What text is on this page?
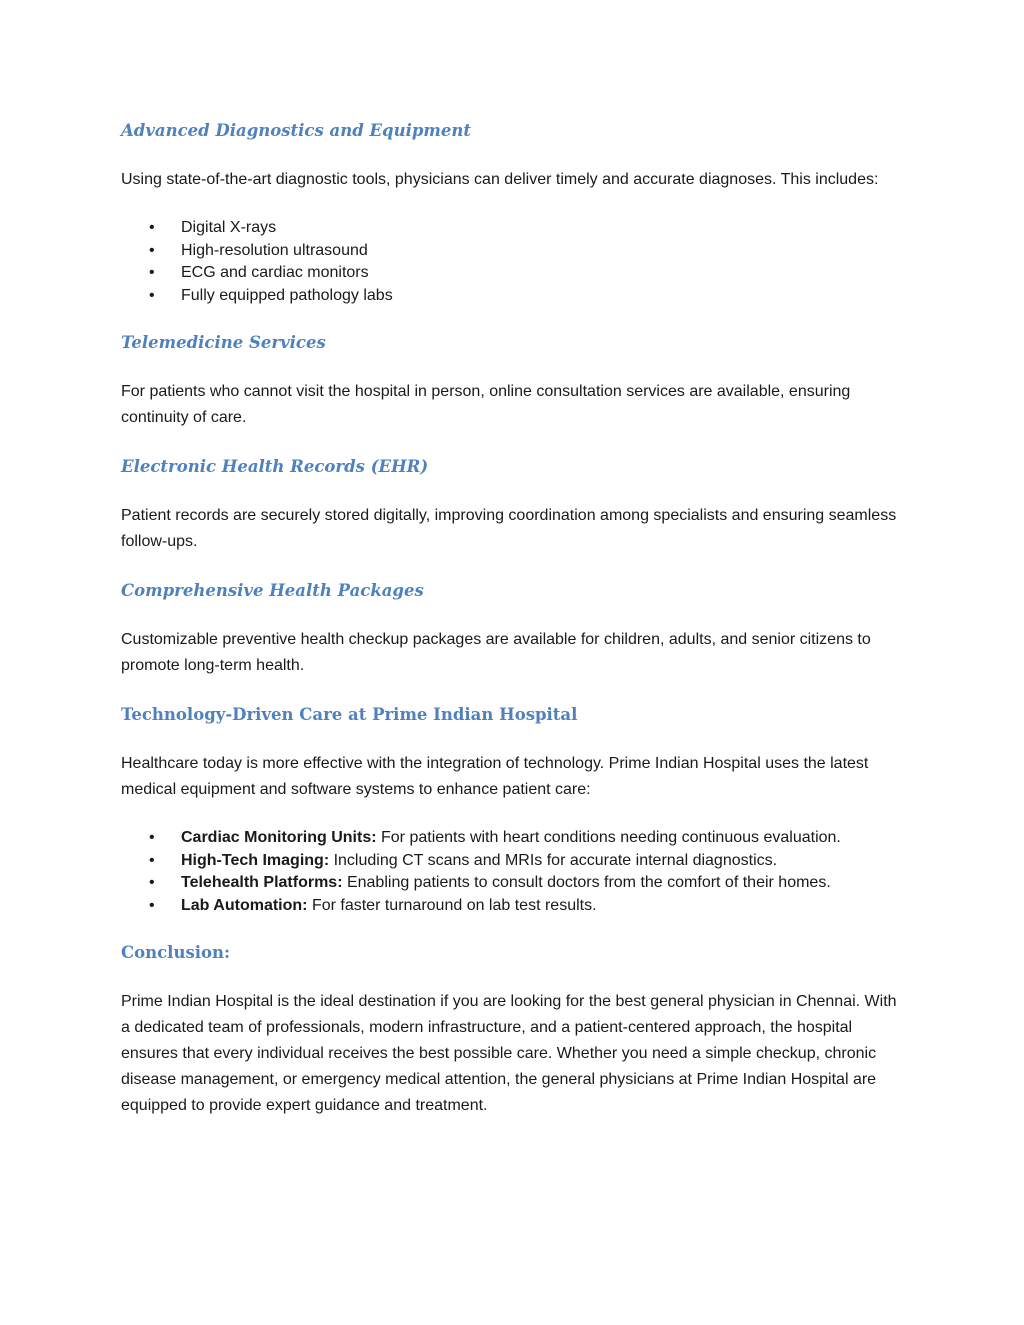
Advanced Diagnostics and Equipment

Using state-of-the-art diagnostic tools, physicians can deliver timely and accurate diagnoses. This includes:

• Digital X-rays
• High-resolution ultrasound
• ECG and cardiac monitors
• Fully equipped pathology labs
Telemedicine Services

For patients who cannot visit the hospital in person, online consultation services are available, ensuring continuity of care.

Electronic Health Records (EHR)

Patient records are securely stored digitally, improving coordination among specialists and ensuring seamless follow-ups.

Comprehensive Health Packages

Customizable preventive health checkup packages are available for children, adults, and senior citizens to promote long-term health.

Technology-Driven Care at Prime Indian Hospital

Healthcare today is more effective with the integration of technology. Prime Indian Hospital uses the latest medical equipment and software systems to enhance patient care:

• Cardiac Monitoring Units: For patients with heart conditions needing continuous evaluation.
• High-Tech Imaging: Including CT scans and MRIs for accurate internal diagnostics.
• Telehealth Platforms: Enabling patients to consult doctors from the comfort of their homes.
• Lab Automation: For faster turnaround on lab test results.
Conclusion:

Prime Indian Hospital is the ideal destination if you are looking for the best general physician in Chennai. With a dedicated team of professionals, modern infrastructure, and a patient-centered approach, the hospital ensures that every individual receives the best possible care. Whether you need a simple checkup, chronic disease management, or emergency medical attention, the general physicians at Prime Indian Hospital are equipped to provide expert guidance and treatment.
